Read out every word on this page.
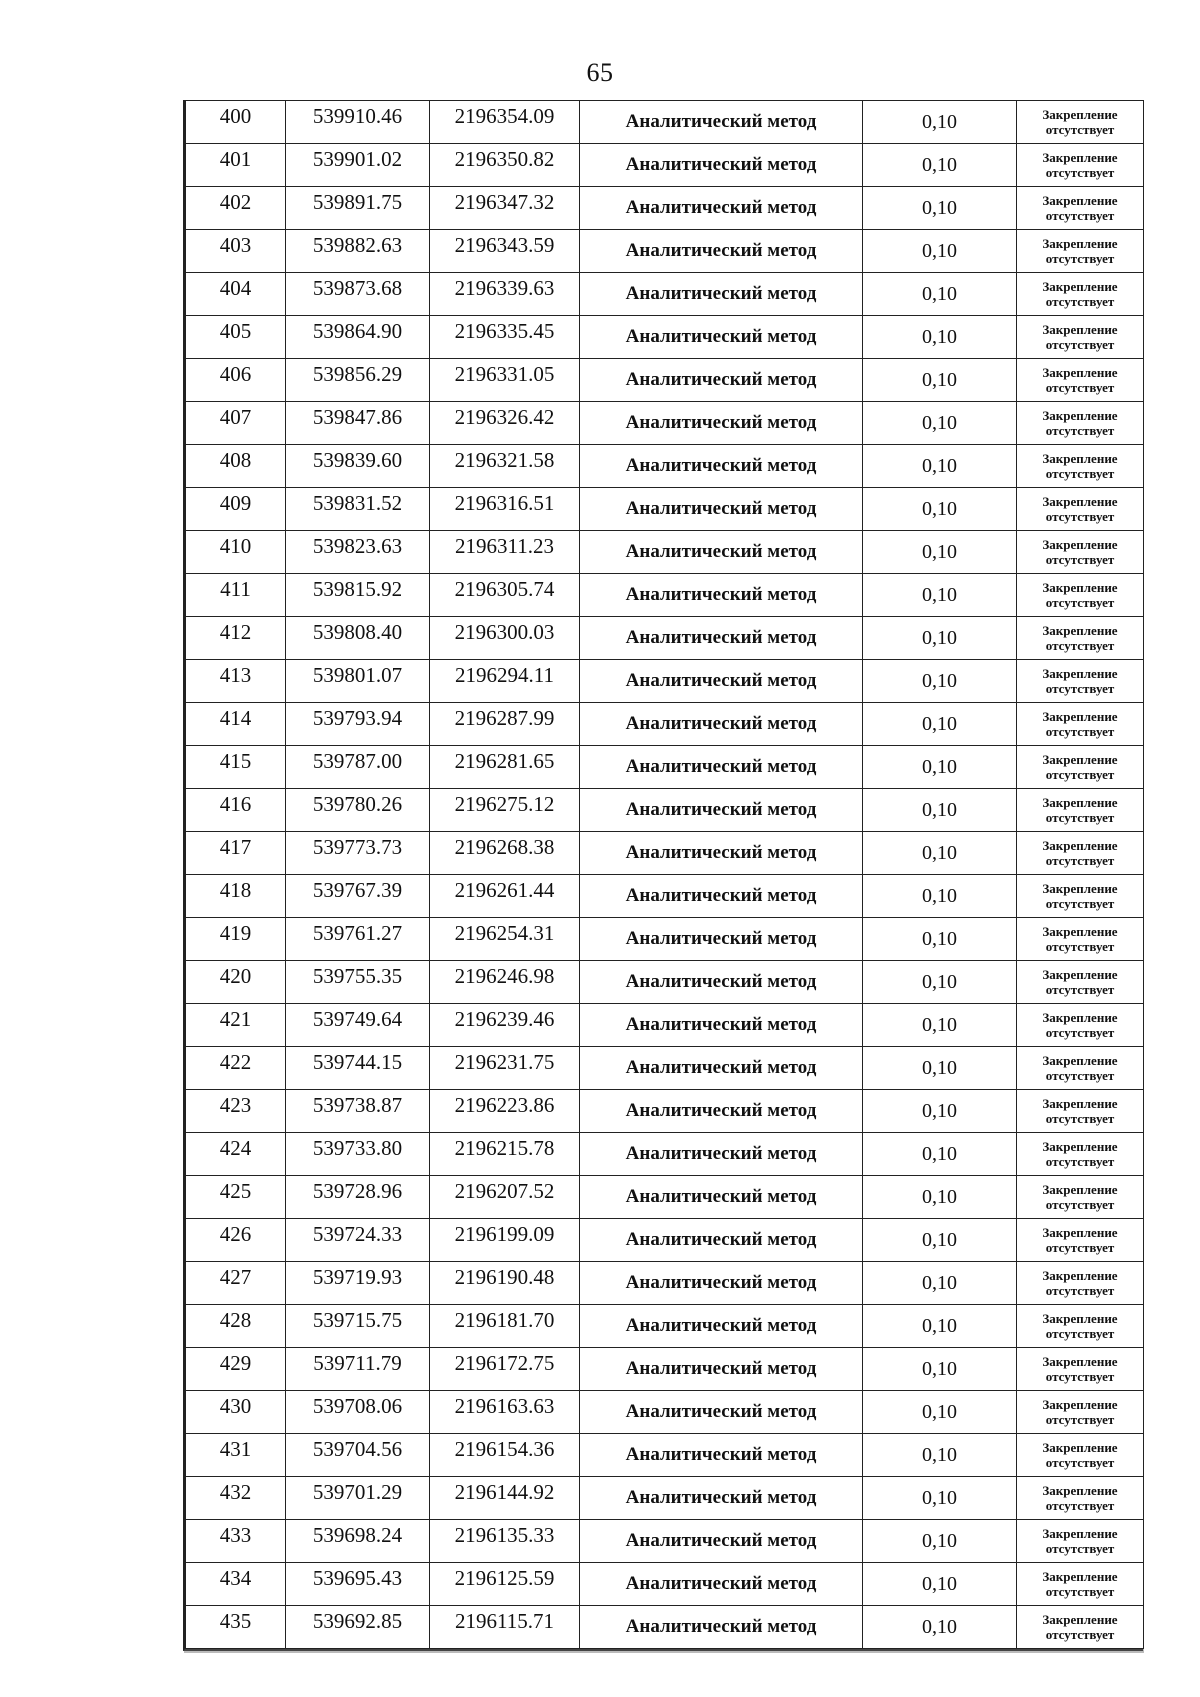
65
400	539910.46	2196354.09	Аналитический метод	0,10	Закрепление
отсутствует

401	539901.02	2196350.82	Аналитический метод	0,10	Закрепление
отсутствует

402	539891.75	2196347.32	Аналитический метод	0,10	Закрепление
отсутствует

403	539882.63	2196343.59	Аналитический метод	0,10	Закрепление
отсутствует

404	539873.68	2196339.63	Аналитический метод	0,10	Закрепление
отсутствует

405	539864.90	2196335.45	Аналитический метод	0,10	Закрепление
отсутствует

406	539856.29	2196331.05	Аналитический метод	0,10	Закрепление
отсутствует

407	539847.86	2196326.42	Аналитический метод	0,10	Закрепление
отсутствует

408	539839.60	2196321.58	Аналитический метод	0,10	Закрепление
отсутствует

409	539831.52	2196316.51	Аналитический метод	0,10	Закрепление
отсутствует

410	539823.63	2196311.23	Аналитический метод	0,10	Закрепление
отсутствует

411	539815.92	2196305.74	Аналитический метод	0,10	Закрепление
отсутствует

412	539808.40	2196300.03	Аналитический метод	0,10	Закрепление
отсутствует

413	539801.07	2196294.11	Аналитический метод	0,10	Закрепление
отсутствует

414	539793.94	2196287.99	Аналитический метод	0,10	Закрепление
отсутствует

415	539787.00	2196281.65	Аналитический метод	0,10	Закрепление
отсутствует

416	539780.26	2196275.12	Аналитический метод	0,10	Закрепление
отсутствует

417	539773.73	2196268.38	Аналитический метод	0,10	Закрепление
отсутствует

418	539767.39	2196261.44	Аналитический метод	0,10	Закрепление
отсутствует

419	539761.27	2196254.31	Аналитический метод	0,10	Закрепление
отсутствует

420	539755.35	2196246.98	Аналитический метод	0,10	Закрепление
отсутствует

421	539749.64	2196239.46	Аналитический метод	0,10	Закрепление
отсутствует

422	539744.15	2196231.75	Аналитический метод	0,10	Закрепление
отсутствует

423	539738.87	2196223.86	Аналитический метод	0,10	Закрепление
отсутствует

424	539733.80	2196215.78	Аналитический метод	0,10	Закрепление
отсутствует

425	539728.96	2196207.52	Аналитический метод	0,10	Закрепление
отсутствует

426	539724.33	2196199.09	Аналитический метод	0,10	Закрепление
отсутствует

427	539719.93	2196190.48	Аналитический метод	0,10	Закрепление
отсутствует

428	539715.75	2196181.70	Аналитический метод	0,10	Закрепление
отсутствует

429	539711.79	2196172.75	Аналитический метод	0,10	Закрепление
отсутствует

430	539708.06	2196163.63	Аналитический метод	0,10	Закрепление
отсутствует

431	539704.56	2196154.36	Аналитический метод	0,10	Закрепление
отсутствует

432	539701.29	2196144.92	Аналитический метод	0,10	Закрепление
отсутствует

433	539698.24	2196135.33	Аналитический метод	0,10	Закрепление
отсутствует

434	539695.43	2196125.59	Аналитический метод	0,10	Закрепление
отсутствует

435	539692.85	2196115.71	Аналитический метод	0,10	Закрепление
отсутствует
